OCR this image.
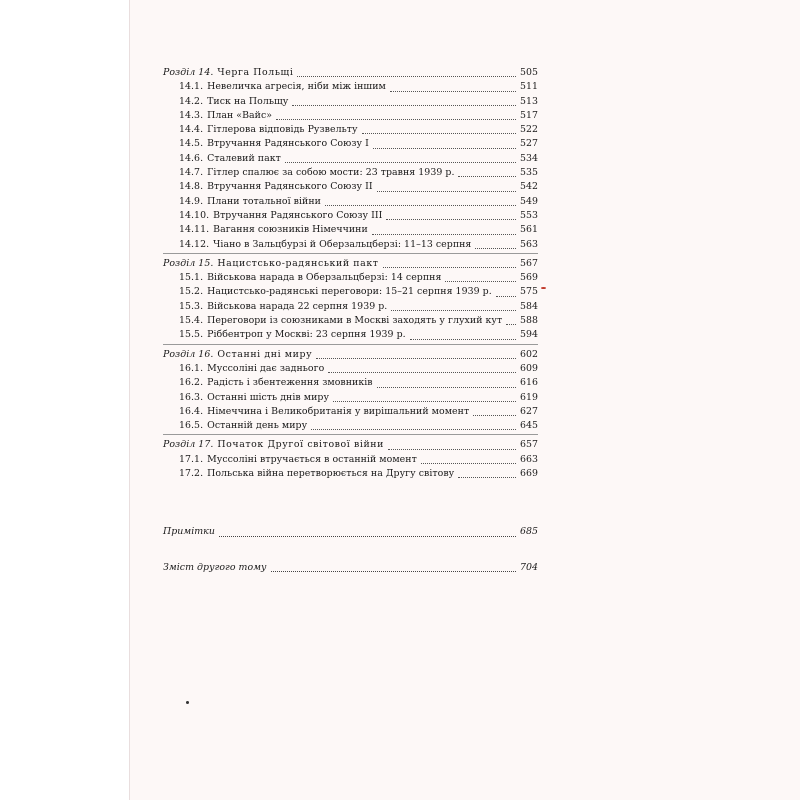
Розділ 14. Черга Польщі	505
14.1. Невеличка агресія, ніби між іншим	511
14.2. Тиск на Польщу	513
14.3. План «Вайс»	517
14.4. Гітлерова відповідь Рузвельту	522
14.5. Втручання Радянського Союзу I	527
14.6. Сталевий пакт	534
14.7. Гітлер спалює за собою мости: 23 травня 1939 р.	535
14.8. Втручання Радянського Союзу II	542
14.9. Плани тотальної війни	549
14.10. Втручання Радянського Союзу III	553
14.11. Вагання союзників Німеччини	561
14.12. Чіано в Зальцбурзі й Оберзальцберзі: 11–13 серпня	563
Розділ 15. Нацистсько-радянський пакт	567
15.1. Військова нарада в Оберзальцберзі: 14 серпня	569
15.2. Нацистсько-радянські переговори: 15–21 серпня 1939 р.	575
15.3. Військова нарада 22 серпня 1939 р.	584
15.4. Переговори із союзниками в Москві заходять у глухий кут 588
15.5. Ріббентроп у Москві: 23 серпня 1939 р.	594
Розділ 16. Останні дні миру	602
16.1. Муссоліні дає заднього	609
16.2. Радість і збентеження змовників	616
16.3. Останні шість днів миру	619
16.4. Німеччина і Великобританія у вирішальний момент	627
16.5. Останній день миру	645
Розділ 17. Початок Другої світової війни	657
17.1. Муссоліні втручається в останній момент	663
17.2. Польська війна перетворюється на Другу світову	669
Примітки	685
Зміст другого тому	704
